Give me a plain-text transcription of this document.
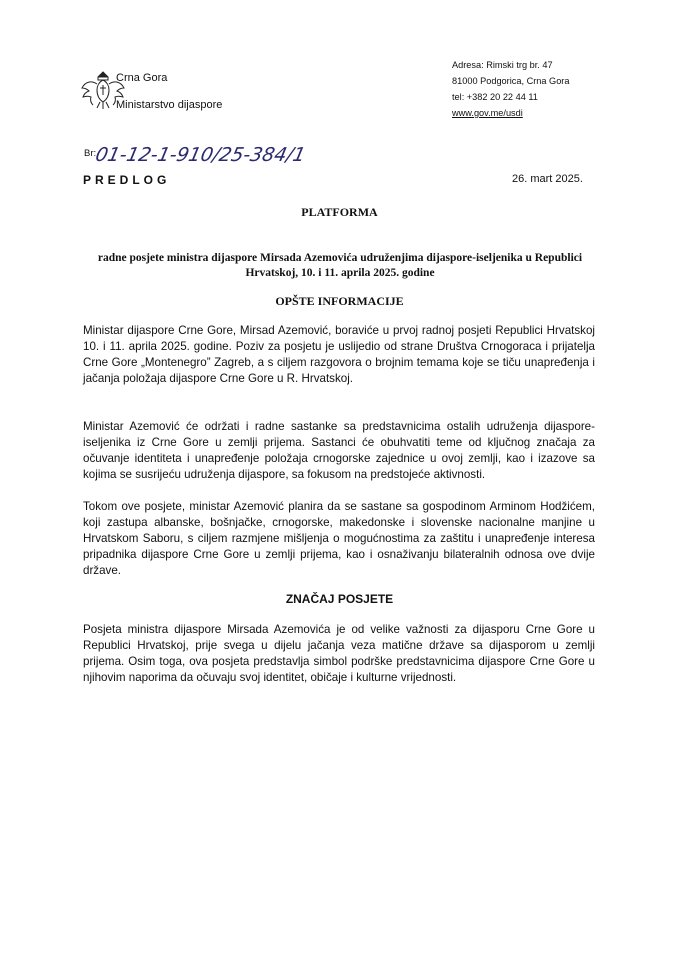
Crna Gora
Ministarstvo dijaspore
Adresa: Rimski trg br. 47
81000 Podgorica, Crna Gora
tel: +382 20 22 44 11
www.gov.me/usdi
Br:
01-12-1-910/25-384/1
PREDLOG	26. mart 2025.
PLATFORMA
radne posjete ministra dijaspore Mirsada Azemovića udruženjima dijaspore-iseljenika u Republici Hrvatskoj, 10. i 11. aprila 2025. godine
OPŠTE INFORMACIJE

Ministar dijaspore Crne Gore, Mirsad Azemović, boraviće u prvoj radnoj posjeti Republici Hrvatskoj 10. i 11. aprila 2025. godine. Poziv za posjetu je uslijedio od strane Društva Crnogoraca i prijatelja Crne Gore „Montenegro” Zagreb, a s ciljem razgovora o brojnim temama koje se tiču unapređenja i jačanja položaja dijaspore Crne Gore u R. Hrvatskoj.

Ministar Azemović će održati i radne sastanke sa predstavnicima ostalih udruženja dijaspore-iseljenika iz Crne Gore u zemlji prijema. Sastanci će obuhvatiti teme od ključnog značaja za očuvanje identiteta i unapređenje položaja crnogorske zajednice u ovoj zemlji, kao i izazove sa kojima se susrijeću udruženja dijaspore, sa fokusom na predstojeće aktivnosti.

Tokom ove posjete, ministar Azemović planira da se sastane sa gospodinom Arminom Hodžićem, koji zastupa albanske, bošnjačke, crnogorske, makedonske i slovenske nacionalne manjine u Hrvatskom Saboru, s ciljem razmjene mišljenja o mogućnostima za zaštitu i unapređenje interesa pripadnika dijaspore Crne Gore u zemlji prijema, kao i osnaživanju bilateralnih odnosa ove dvije države.

ZNAČAJ POSJETE

Posjeta ministra dijaspore Mirsada Azemovića je od velike važnosti za dijasporu Crne Gore u Republici Hrvatskoj, prije svega u dijelu jačanja veza matične države sa dijasporom u zemlji prijema. Osim toga, ova posjeta predstavlja simbol podrške predstavnicima dijaspore Crne Gore u njihovim naporima da očuvaju svoj identitet, običaje i kulturne vrijednosti.
